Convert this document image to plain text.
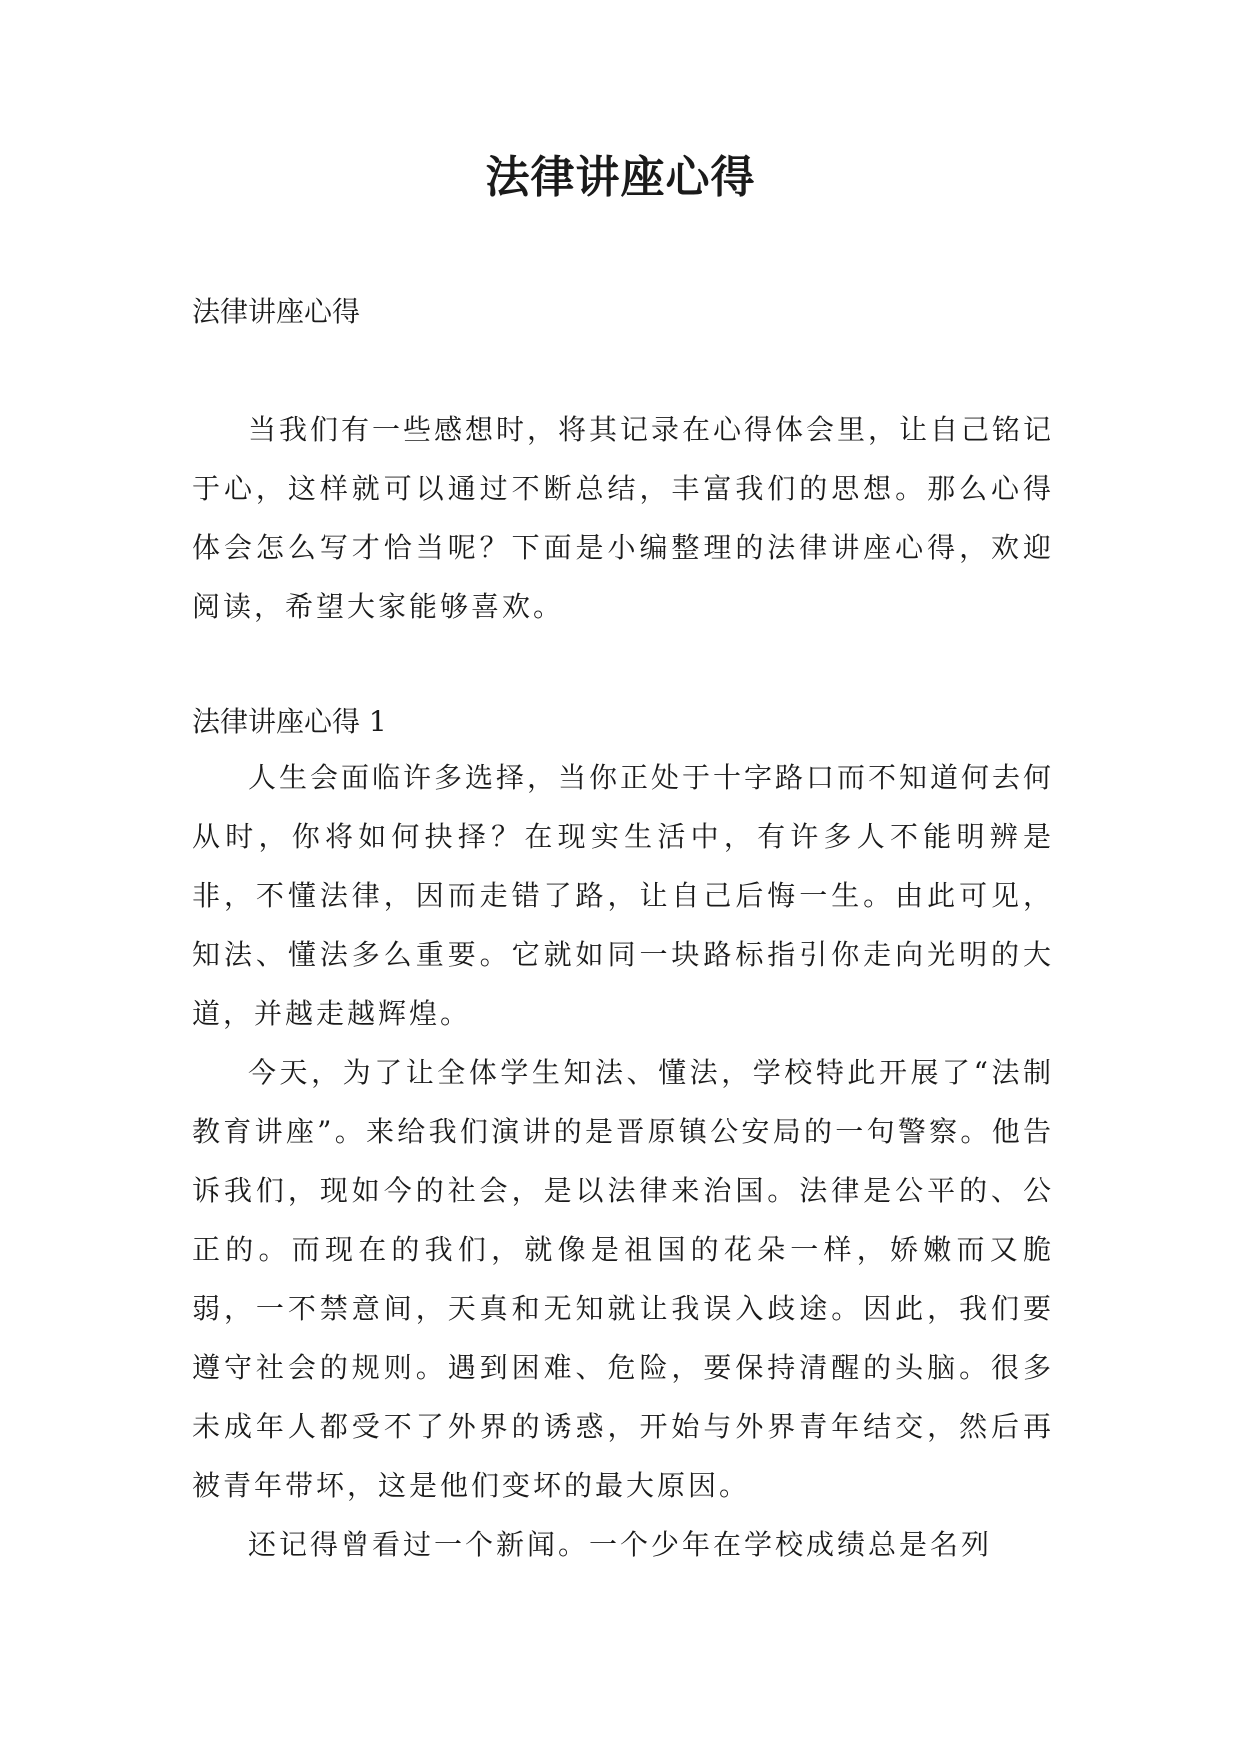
法律讲座心得
法律讲座心得

当我们有一些感想时，将其记录在心得体会里，让自己铭记于心，这样就可以通过不断总结，丰富我们的思想。那么心得体会怎么写才恰当呢？下面是小编整理的法律讲座心得，欢迎阅读，希望大家能够喜欢。

法律讲座心得 1

人生会面临许多选择，当你正处于十字路口而不知道何去何从时，你将如何抉择？在现实生活中，有许多人不能明辨是非，不懂法律，因而走错了路，让自己后悔一生。由此可见，知法、懂法多么重要。它就如同一块路标指引你走向光明的大道，并越走越辉煌。

今天，为了让全体学生知法、懂法，学校特此开展了“法制教育讲座”。来给我们演讲的是晋原镇公安局的一句警察。他告诉我们，现如今的社会，是以法律来治国。法律是公平的、公正的。而现在的我们，就像是祖国的花朵一样，娇嫩而又脆弱，一不禁意间，天真和无知就让我误入歧途。因此，我们要遵守社会的规则。遇到困难、危险，要保持清醒的头脑。很多未成年人都受不了外界的诱惑，开始与外界青年结交，然后再被青年带坏，这是他们变坏的最大原因。

还记得曾看过一个新闻。一个少年在学校成绩总是名列
